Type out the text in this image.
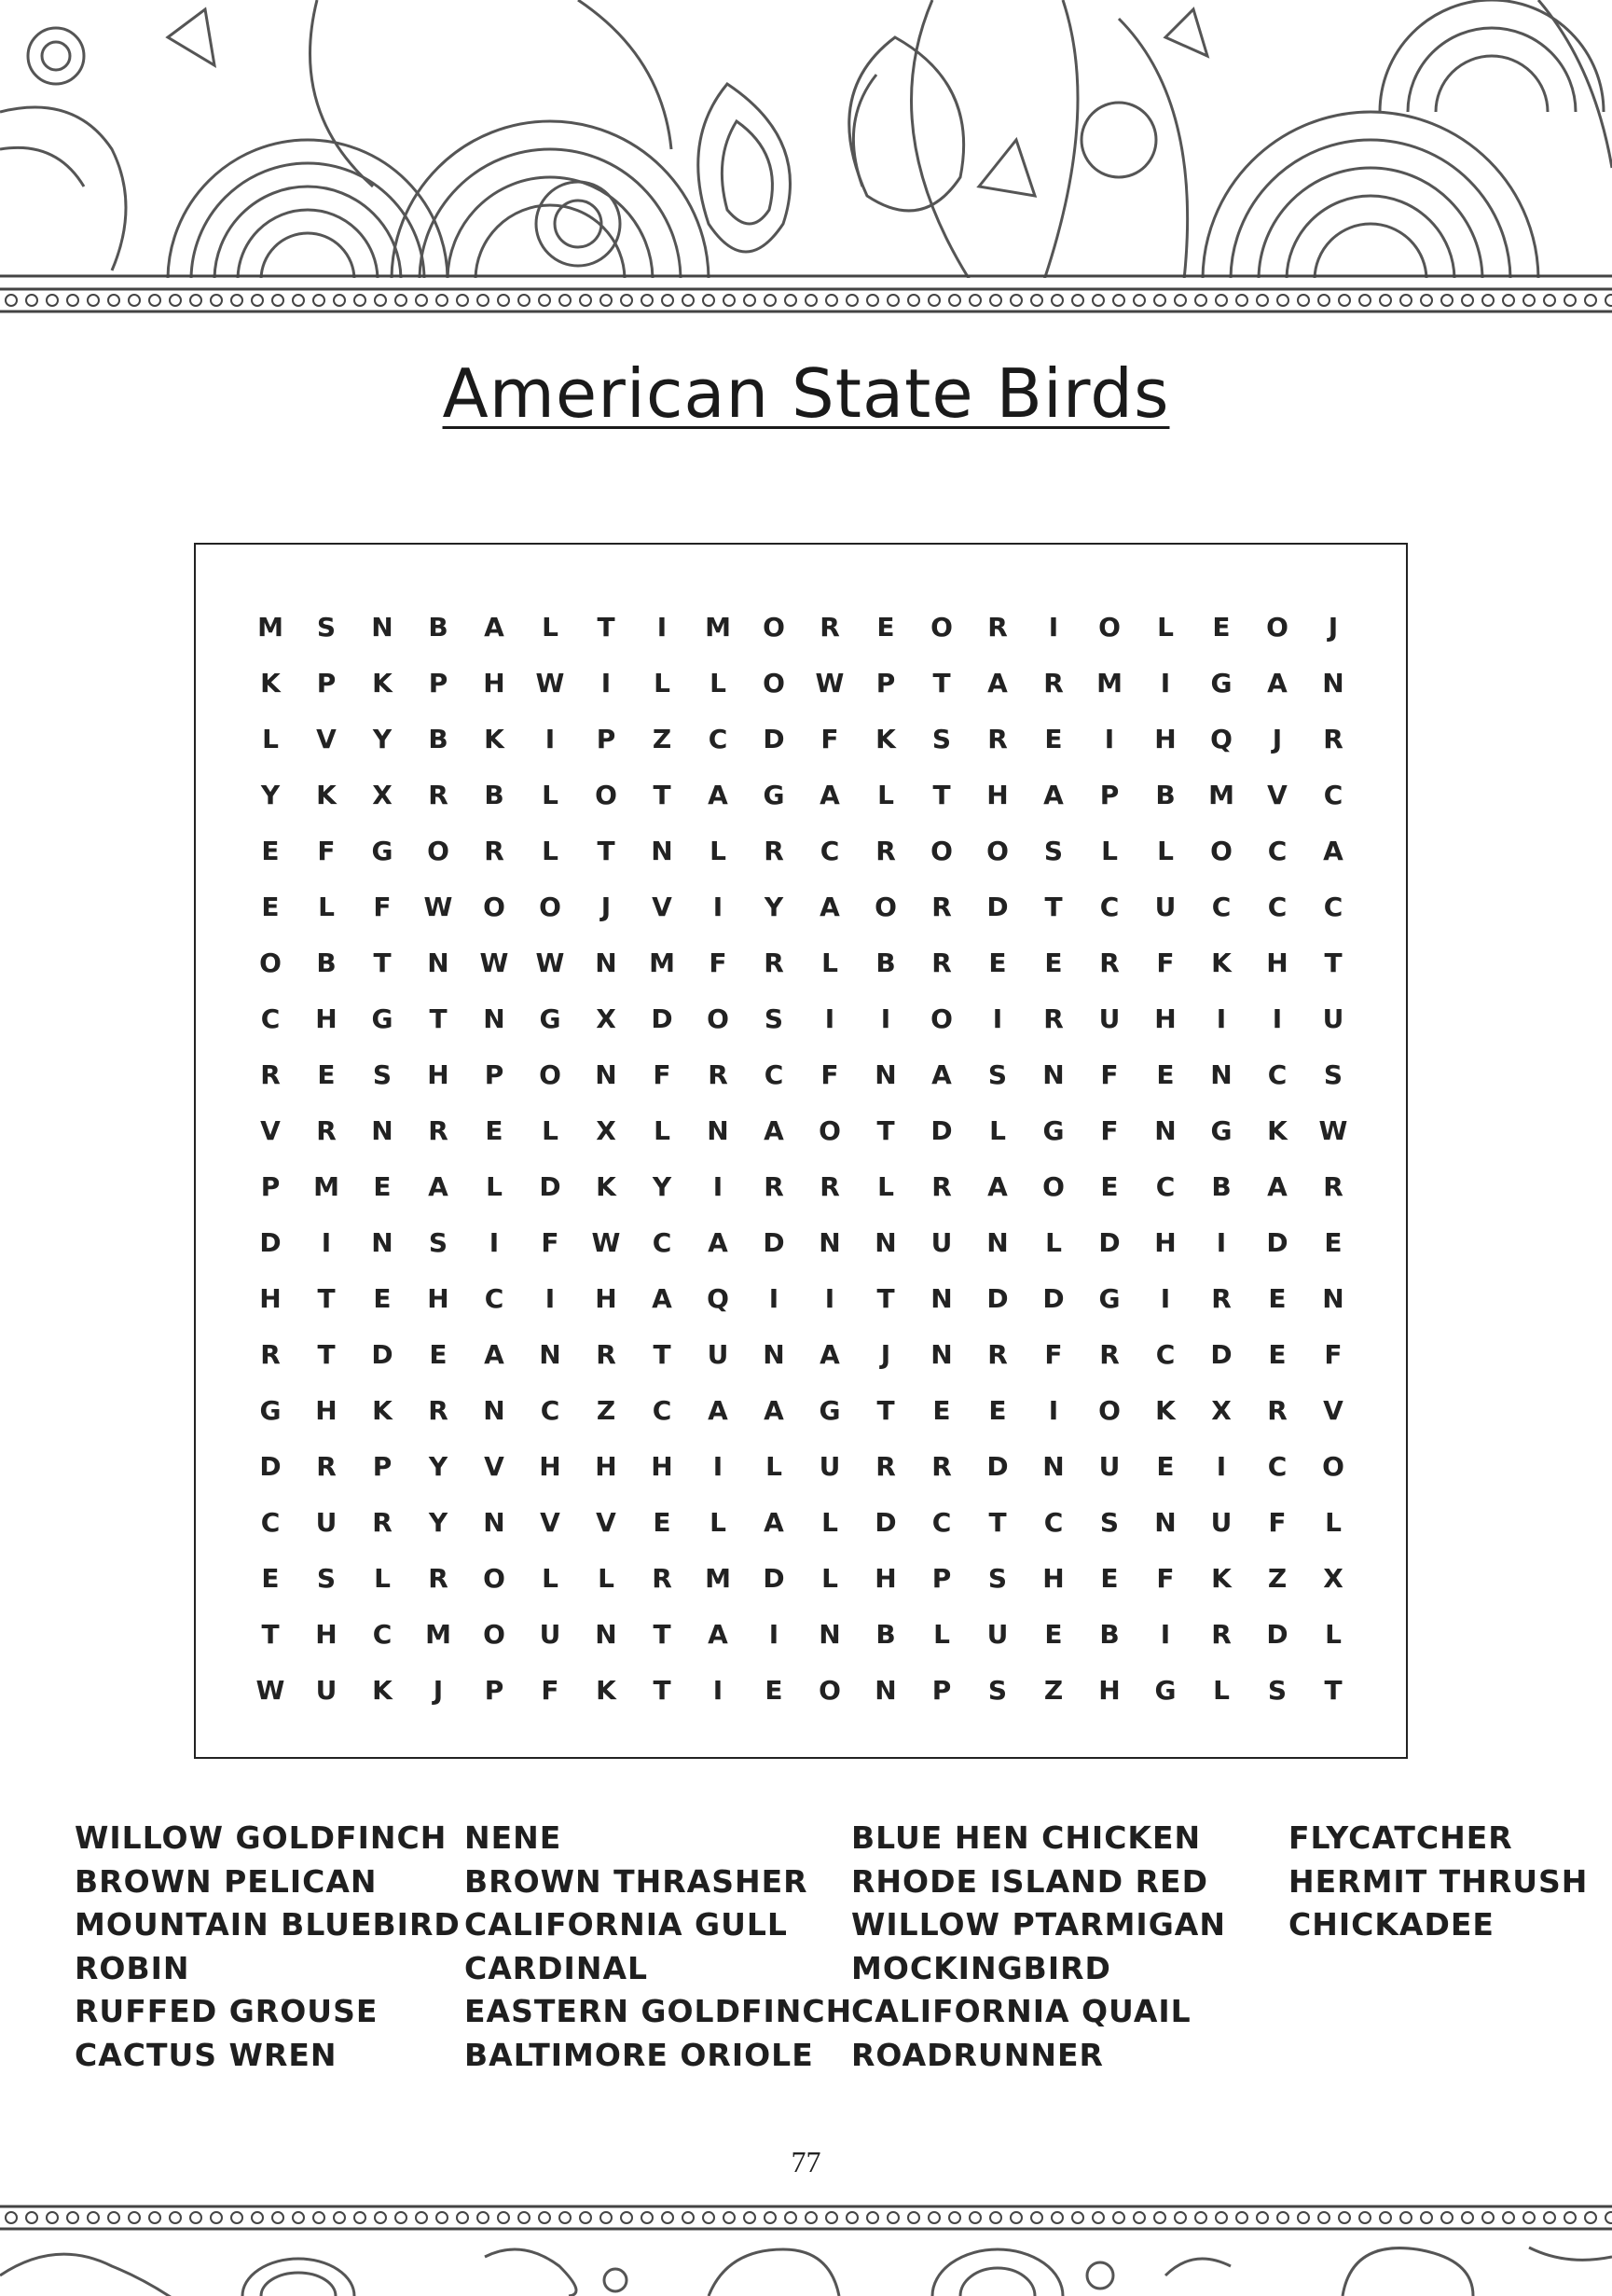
American State Birds
M	S	N	B	A	L	T	I	M	O	R	E	O	R	I	O	L	E	O	J
K	P	K	P	H	W	I	L	L	O	W	P	T	A	R	M	I	G	A	N
L	V	Y	B	K	I	P	Z	C	D	F	K	S	R	E	I	H	Q	J	R
Y	K	X	R	B	L	O	T	A	G	A	L	T	H	A	P	B	M	V	C
E	F	G	O	R	L	T	N	L	R	C	R	O	O	S	L	L	O	C	A
E	L	F	W	O	O	J	V	I	Y	A	O	R	D	T	C	U	C	C	C
O	B	T	N	W	W	N	M	F	R	L	B	R	E	E	R	F	K	H	T
C	H	G	T	N	G	X	D	O	S	I	I	O	I	R	U	H	I	I	U
R	E	S	H	P	O	N	F	R	C	F	N	A	S	N	F	E	N	C	S
V	R	N	R	E	L	X	L	N	A	O	T	D	L	G	F	N	G	K	W
P	M	E	A	L	D	K	Y	I	R	R	L	R	A	O	E	C	B	A	R
D	I	N	S	I	F	W	C	A	D	N	N	U	N	L	D	H	I	D	E
H	T	E	H	C	I	H	A	Q	I	I	T	N	D	D	G	I	R	E	N
R	T	D	E	A	N	R	T	U	N	A	J	N	R	F	R	C	D	E	F
G	H	K	R	N	C	Z	C	A	A	G	T	E	E	I	O	K	X	R	V
D	R	P	Y	V	H	H	H	I	L	U	R	R	D	N	U	E	I	C	O
C	U	R	Y	N	V	V	E	L	A	L	D	C	T	C	S	N	U	F	L
E	S	L	R	O	L	L	R	M	D	L	H	P	S	H	E	F	K	Z	X
T	H	C	M	O	U	N	T	A	I	N	B	L	U	E	B	I	R	D	L
W	U	K	J	P	F	K	T	I	E	O	N	P	S	Z	H	G	L	S	T
WILLOW GOLDFINCH
BROWN PELICAN
MOUNTAIN BLUEBIRD
ROBIN
RUFFED GROUSE
CACTUS WREN
NENE
BROWN THRASHER
CALIFORNIA GULL
CARDINAL
EASTERN GOLDFINCH
BALTIMORE ORIOLE
BLUE HEN CHICKEN
RHODE ISLAND RED
WILLOW PTARMIGAN
MOCKINGBIRD
CALIFORNIA QUAIL
ROADRUNNER
FLYCATCHER
HERMIT THRUSH
CHICKADEE
77
